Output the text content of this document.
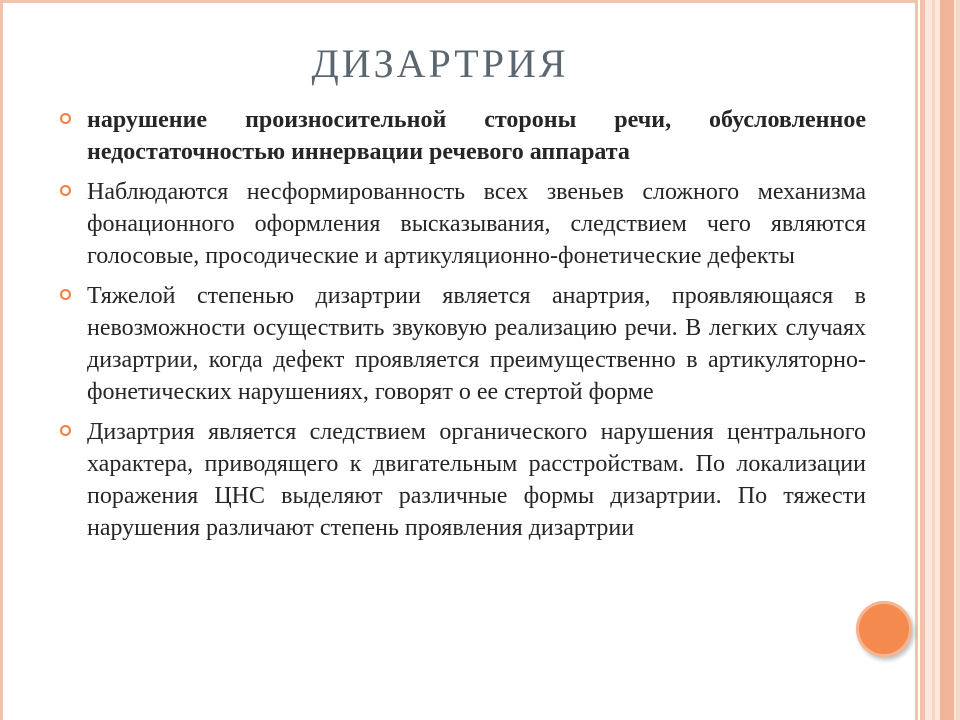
ДИЗАРТРИЯ
нарушение произносительной стороны речи, обусловленное недостаточностью иннервации речевого аппарата
Наблюдаются несформированность всех звеньев сложного механизма фонационного оформления высказывания, следствием чего являются голосовые, просодические и артикуляционно-фонетические дефекты
Тяжелой степенью дизартрии является анартрия, проявляющаяся в невозможности осуществить звуковую реализацию речи. В легких случаях дизартрии, когда дефект проявляется преимущественно в артикуляторно-фонетических нарушениях, говорят о ее стертой форме
Дизартрия является следствием органического нарушения центрального характера, приводящего к двигательным расстройствам. По локализации поражения ЦНС выделяют различные формы дизартрии. По тяжести нарушения различают степень проявления дизартрии
